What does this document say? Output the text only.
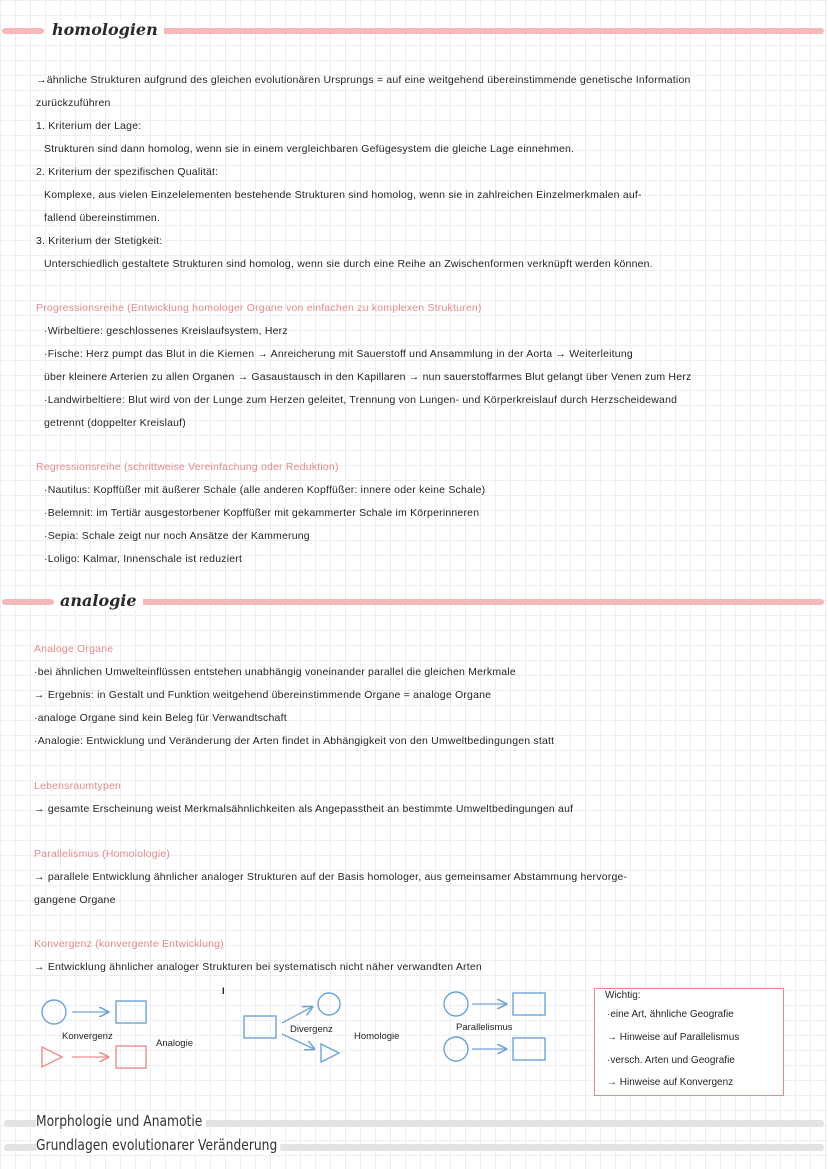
homologien
→ähnliche Strukturen aufgrund des gleichen evolutionären Ursprungs = auf eine weitgehend übereinstimmende genetische Information
zurückzuführen
1. Kriterium der Lage:
Strukturen sind dann homolog, wenn sie in einem vergleichbaren Gefügesystem die gleiche Lage einnehmen.
2. Kriterium der spezifischen Qualität:
Komplexe, aus vielen Einzelelementen bestehende Strukturen sind homolog, wenn sie in zahlreichen Einzelmerkmalen auf-
fallend übereinstimmen.
3. Kriterium der Stetigkeit:
Unterschiedlich gestaltete Strukturen sind homolog, wenn sie durch eine Reihe an Zwischenformen verknüpft werden können.
Progressionsreihe (Entwicklung homologer Organe von einfachen zu komplexen Strukturen)
·Wirbeltiere: geschlossenes Kreislaufsystem, Herz
·Fische: Herz pumpt das Blut in die Kiemen → Anreicherung mit Sauerstoff und Ansammlung in der Aorta → Weiterleitung
über kleinere Arterien zu allen Organen → Gasaustausch in den Kapillaren → nun sauerstoffarmes Blut gelangt über Venen zum Herz
·Landwirbeltiere: Blut wird von der Lunge zum Herzen geleitet, Trennung von Lungen- und Körperkreislauf durch Herzscheidewand
getrennt (doppelter Kreislauf)
Regressionsreihe (schrittweise Vereinfachung oder Reduktion)
·Nautilus: Kopffüßer mit äußerer Schale (alle anderen Kopffüßer: innere oder keine Schale)
·Belemnit: im Tertiär ausgestorbener Kopffüßer mit gekammerter Schale im Körperinneren
·Sepia: Schale zeigt nur noch Ansätze der Kammerung
·Loligo: Kalmar, Innenschale ist reduziert
analogie
Analoge Organe
·bei ähnlichen Umwelteinflüssen entstehen unabhängig voneinander parallel die gleichen Merkmale
→ Ergebnis: in Gestalt und Funktion weitgehend übereinstimmende Organe = analoge Organe
·analoge Organe sind kein Beleg für Verwandtschaft
·Analogie: Entwicklung und Veränderung der Arten findet in Abhängigkeit von den Umweltbedingungen statt
Lebensraumtypen
→ gesamte Erscheinung weist Merkmalsähnlichkeiten als Angepasstheit an bestimmte Umweltbedingungen auf
Parallelismus (Homoiologie)
→ parallele Entwicklung ähnlicher analoger Strukturen auf der Basis homologer, aus gemeinsamer Abstammung hervorge-
gangene Organe
Konvergenz (konvergente Entwicklung)
→ Entwicklung ähnlicher analoger Strukturen bei systematisch nicht näher verwandten Arten
I
Konvergenz
Analogie
Divergenz
Homologie
Parallelismus
Wichtig:
·eine Art, ähnliche Geografie
→ Hinweise auf Parallelismus
·versch. Arten und Geografie
→ Hinweise auf Konvergenz
Morphologie und Anamotie
Grundlagen evolutionarer Veränderung
